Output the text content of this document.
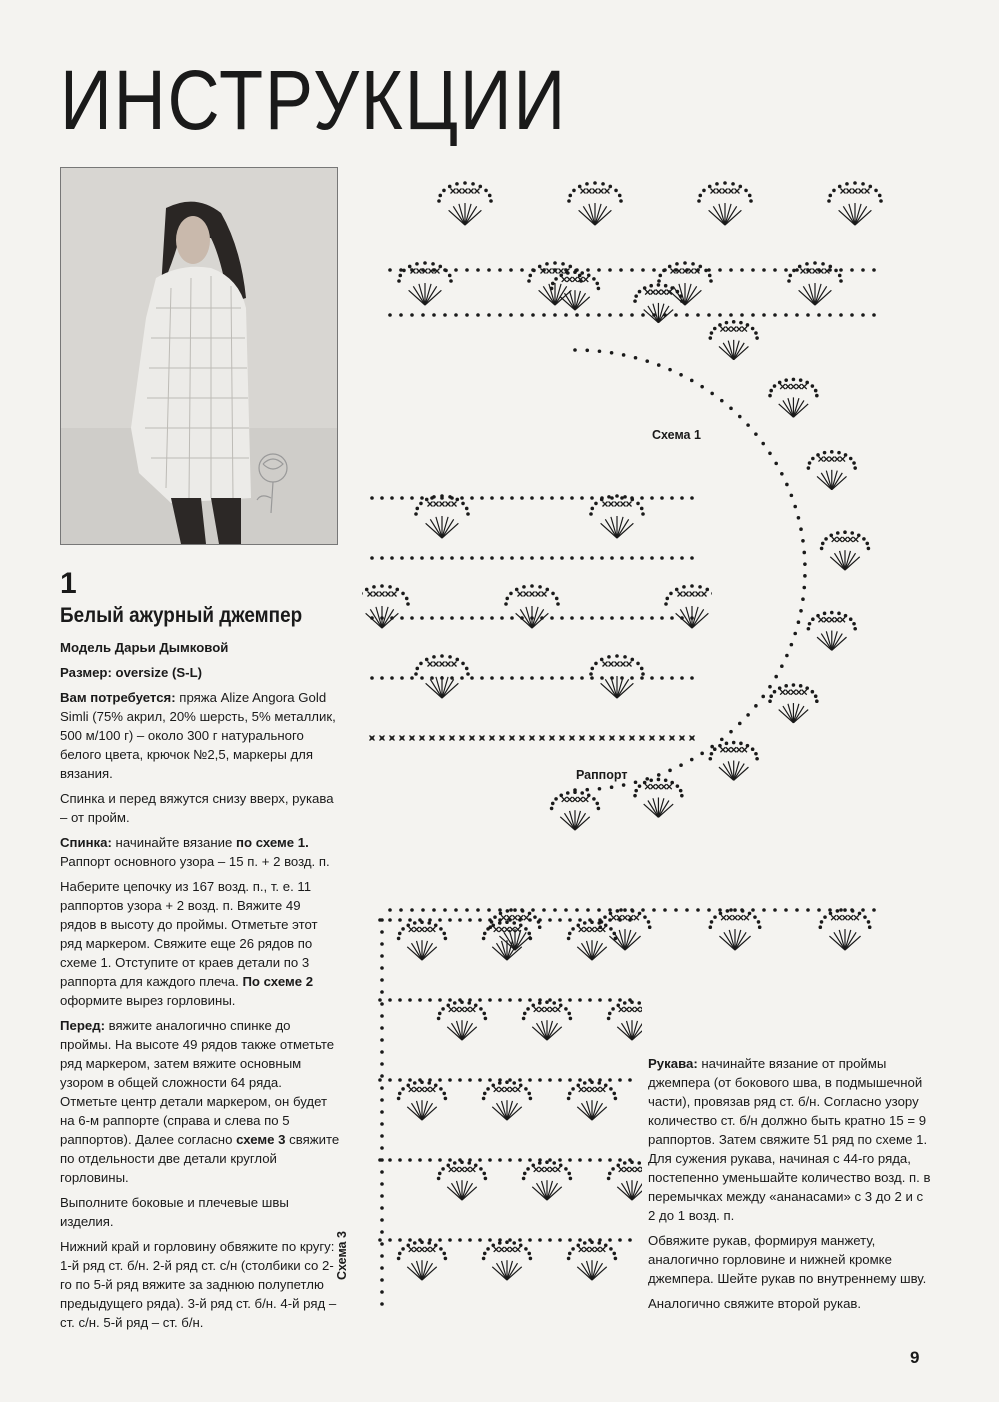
ИНСТРУКЦИИ
1
Белый ажурный джемпер

Модель Дарьи Дымковой

Размер: oversize (S-L)

Вам потребуется: пряжа Alize Angora Gold Simli (75% акрил, 20% шерсть, 5% металлик, 500 м/100 г) – около 300 г натурального белого цвета, крючок №2,5, маркеры для вязания.

Спинка и перед вяжутся снизу вверх, рукава – от пройм.

Спинка: начинайте вязание по схеме 1. Раппорт основного узора – 15 п. + 2 возд. п.

Наберите цепочку из 167 возд. п., т. е. 11 раппортов узора + 2 возд. п. Вяжите 49 рядов в высоту до проймы. Отметьте этот ряд маркером. Свяжите еще 26 рядов по схеме 1. Отступите от краев детали по 3 раппорта для каждого плеча. По схеме 2 оформите вырез горловины.

Перед: вяжите аналогично спинке до проймы. На высоте 49 рядов также отметьте ряд маркером, затем вяжите основным узором в общей сложности 64 ряда. Отметьте центр детали маркером, он будет на 6-м раппорте (справа и слева по 5 раппортов). Далее согласно схеме 3 свяжите по отдельности две детали круглой горловины.

Выполните боковые и плечевые швы изделия.

Нижний край и горловину обвяжите по кругу: 1-й ряд ст. б/н. 2-й ряд ст. с/н (столбики со 2-го по 5-й ряд вяжите за заднюю полупетлю предыдущего ряда). 3-й ряд ст. б/н. 4-й ряд – ст. с/н. 5-й ряд – ст. б/н.

Схема 1
Раппорт
Схема 3

Рукава: начинайте вязание от проймы джемпера (от бокового шва, в подмышечной части), провязав ряд ст. б/н. Согласно узору количество ст. б/н должно быть кратно 15 = 9 раппортов. Затем свяжите 51 ряд по схеме 1. Для сужения рукава, начиная с 44-го ряда, постепенно уменьшайте количество возд. п. в перемычках между «ананасами» с 3 до 2 и с 2 до 1 возд. п.

Обвяжите рукав, формируя манжету, аналогично горловине и нижней кромке джемпера. Шейте рукав по внутреннему шву.

Аналогично свяжите второй рукав.

9
